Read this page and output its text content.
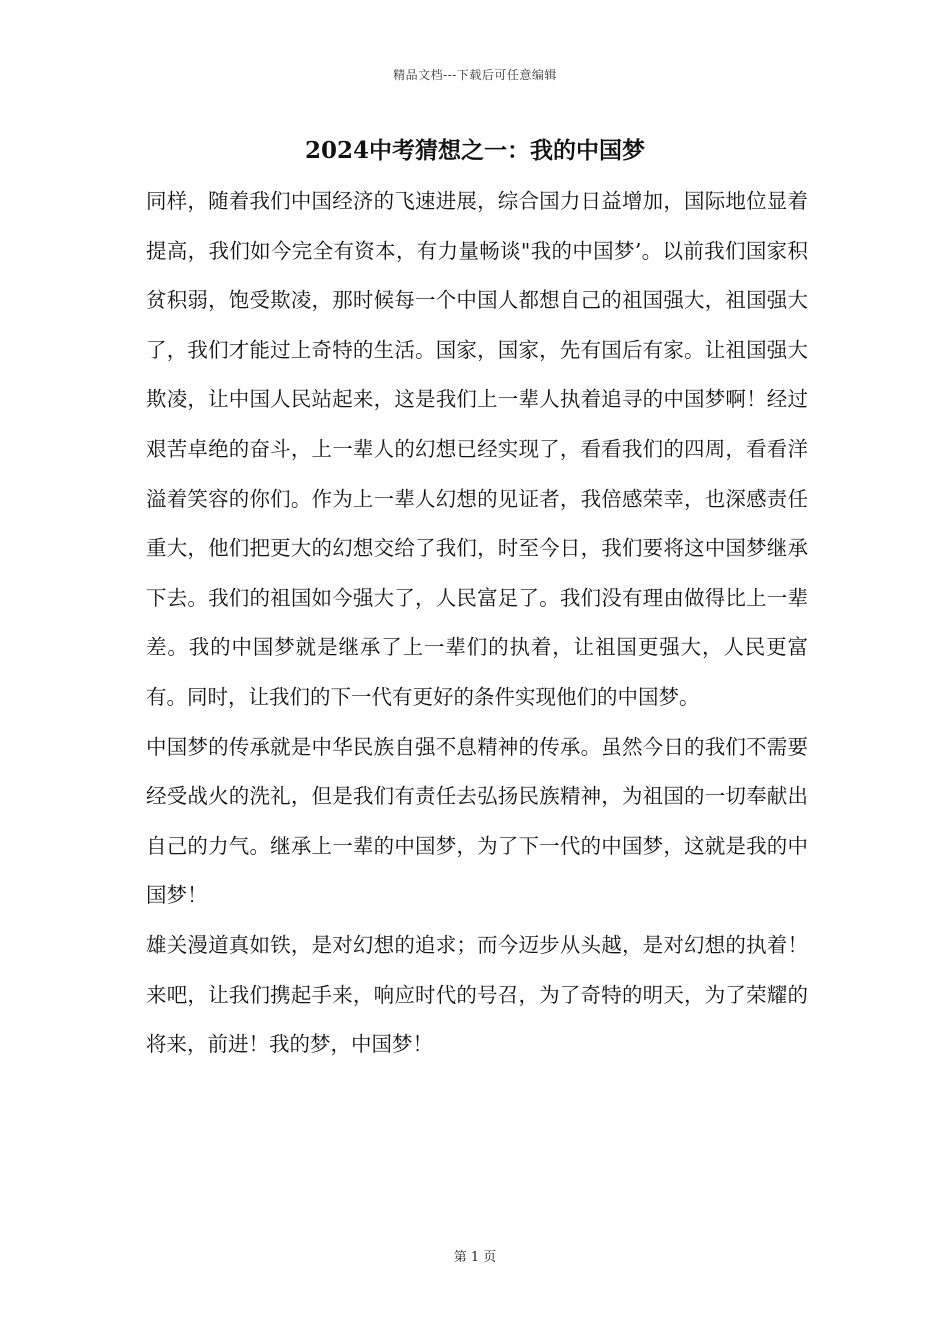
精品文档---下载后可任意编辑
2024中考猜想之一：我的中国梦

同样，随着我们中国经济的飞速进展，综合国力日益增加，国际地位显着提高，我们如今完全有资本，有力量畅谈"我的中国梦’。以前我们国家积贫积弱，饱受欺凌，那时候每一个中国人都想自己的祖国强大，祖国强大了，我们才能过上奇特的生活。国家，国家，先有国后有家。让祖国强大欺凌，让中国人民站起来，这是我们上一辈人执着追寻的中国梦啊！经过艰苦卓绝的奋斗，上一辈人的幻想已经实现了，看看我们的四周，看看洋溢着笑容的你们。作为上一辈人幻想的见证者，我倍感荣幸，也深感责任重大，他们把更大的幻想交给了我们，时至今日，我们要将这中国梦继承下去。我们的祖国如今强大了，人民富足了。我们没有理由做得比上一辈差。我的中国梦就是继承了上一辈们的执着，让祖国更强大，人民更富有。同时，让我们的下一代有更好的条件实现他们的中国梦。

中国梦的传承就是中华民族自强不息精神的传承。虽然今日的我们不需要经受战火的洗礼，但是我们有责任去弘扬民族精神，为祖国的一切奉献出自己的力气。继承上一辈的中国梦，为了下一代的中国梦，这就是我的中国梦！

雄关漫道真如铁，是对幻想的追求；而今迈步从头越，是对幻想的执着！来吧，让我们携起手来，响应时代的号召，为了奇特的明天，为了荣耀的将来，前进！我的梦，中国梦！

第 1 页
